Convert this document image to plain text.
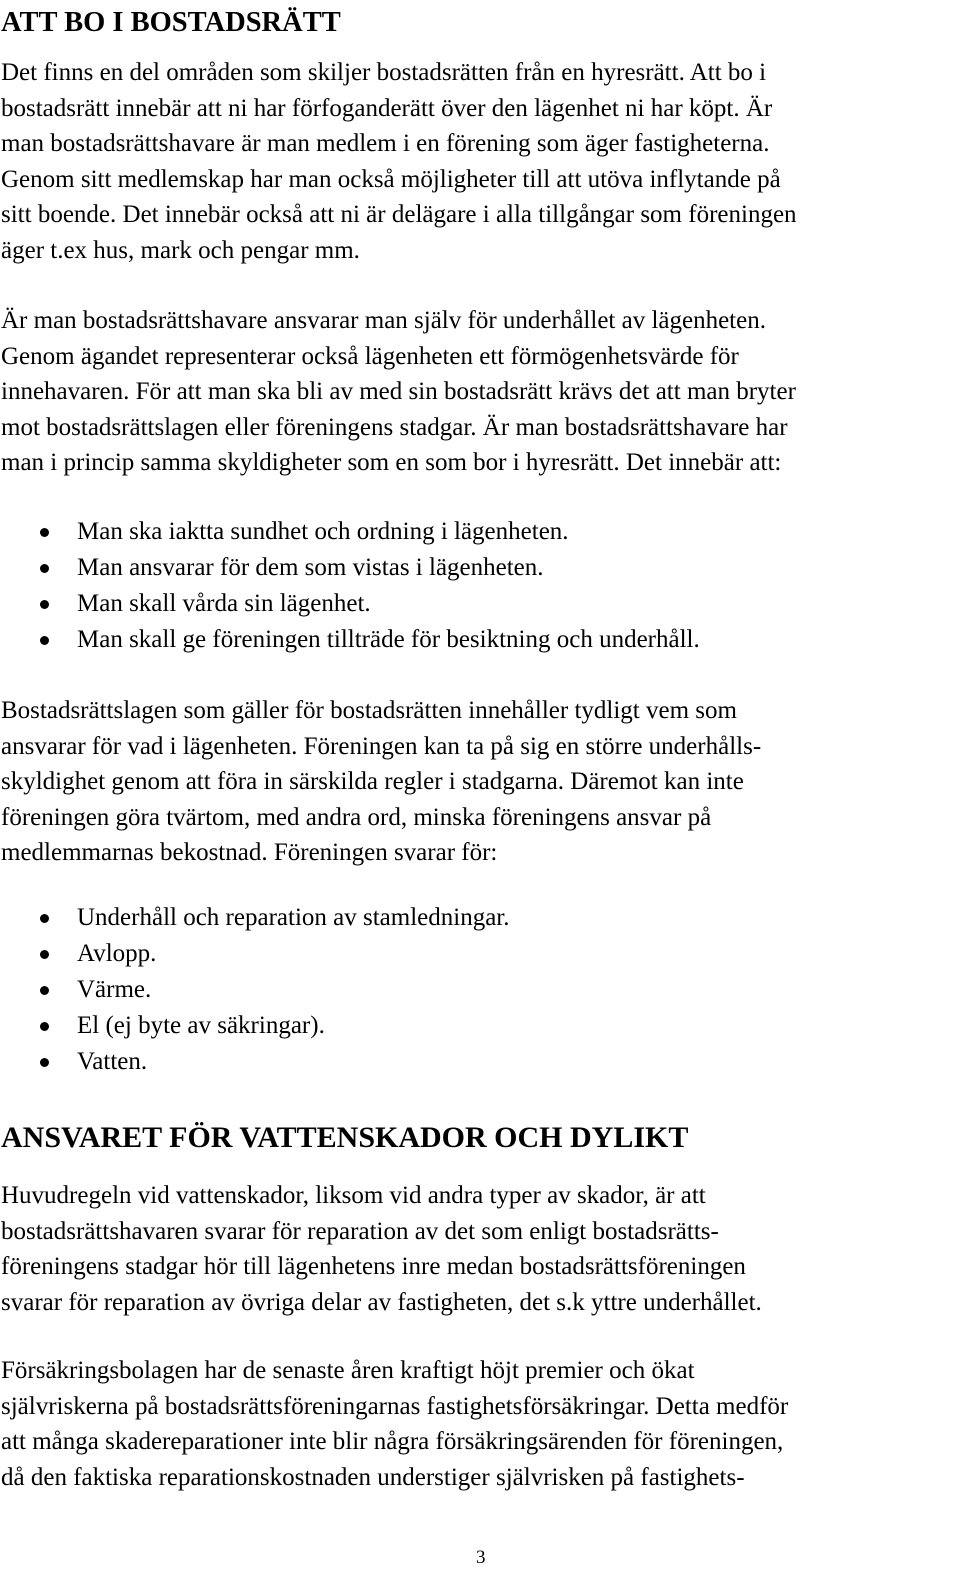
ATT BO I BOSTADSRÄTT
Det finns en del områden som skiljer bostadsrätten från en hyresrätt. Att bo i
bostadsrätt innebär att ni har förfoganderätt över den lägenhet ni har köpt. Är
man bostadsrättshavare är man medlem i en förening som äger fastigheterna.
Genom sitt medlemskap har man också möjligheter till att utöva inflytande på
sitt boende. Det innebär också att ni är delägare i alla tillgångar som föreningen
äger t.ex hus, mark och pengar mm.
Är man bostadsrättshavare ansvarar man själv för underhållet av lägenheten.
Genom ägandet representerar också lägenheten ett förmögenhetsvärde för
innehavaren. För att man ska bli av med sin bostadsrätt krävs det att man bryter
mot bostadsrättslagen eller föreningens stadgar. Är man bostadsrättshavare har
man i princip samma skyldigheter som en som bor i hyresrätt. Det innebär att:
Man ska iaktta sundhet och ordning i lägenheten.
Man ansvarar för dem som vistas i lägenheten.
Man skall vårda sin lägenhet.
Man skall ge föreningen tillträde för besiktning och underhåll.
Bostadsrättslagen som gäller för bostadsrätten innehåller tydligt vem som
ansvarar för vad i lägenheten. Föreningen kan ta på sig en större underhålls-
skyldighet genom att föra in särskilda regler i stadgarna. Däremot kan inte
föreningen göra tvärtom, med andra ord, minska föreningens ansvar på
medlemmarnas bekostnad. Föreningen svarar för:
Underhåll och reparation av stamledningar.
Avlopp.
Värme.
El (ej byte av säkringar).
Vatten.
ANSVARET FÖR VATTENSKADOR OCH DYLIKT
Huvudregeln vid vattenskador, liksom vid andra typer av skador, är att
bostadsrättshavaren svarar för reparation av det som enligt bostadsrätts-
föreningens stadgar hör till lägenhetens inre medan bostadsrättsföreningen
svarar för reparation av övriga delar av fastigheten, det s.k yttre underhållet.
Försäkringsbolagen har de senaste åren kraftigt höjt premier och ökat
självriskerna på bostadsrättsföreningarnas fastighetsförsäkringar. Detta medför
att många skadereparationer inte blir några försäkringsärenden för föreningen,
då den faktiska reparationskostnaden understiger självrisken på fastighets-
3
